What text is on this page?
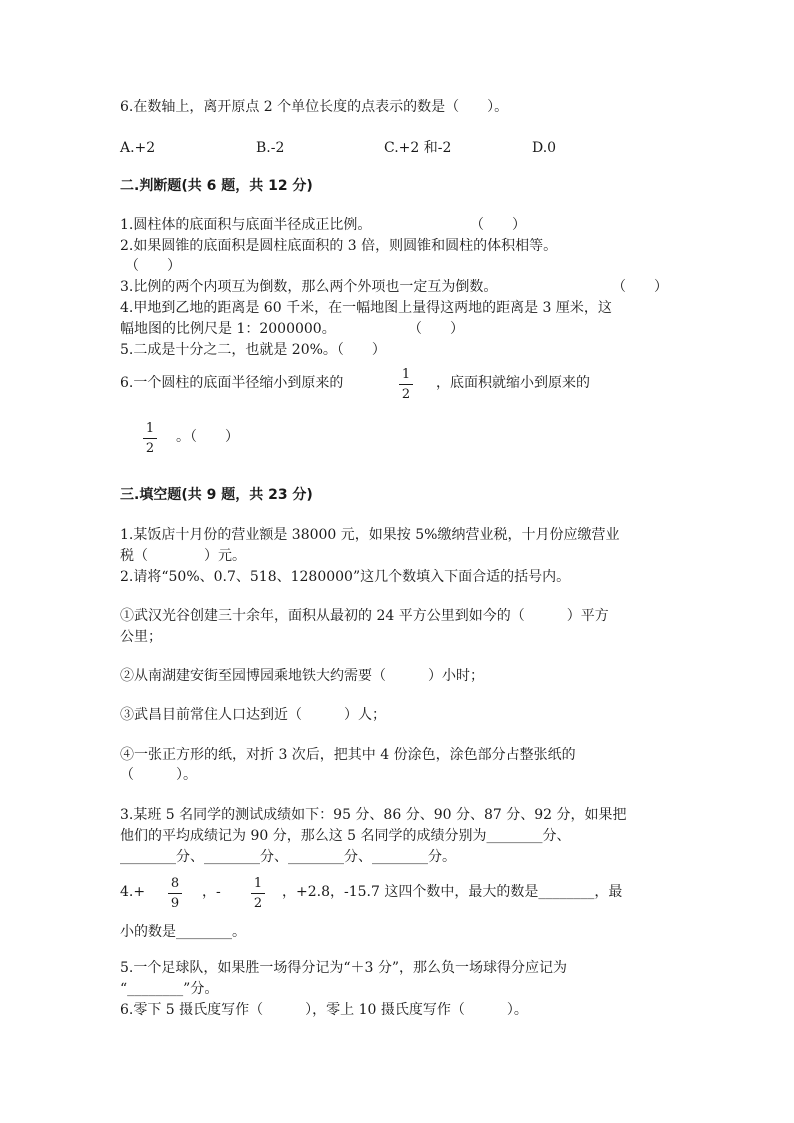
6.在数轴上，离开原点 2 个单位长度的点表示的数是（　　）。
A.+2	B.-2	C.+2 和-2	D.0
二.判断题(共 6 题，共 12 分)
1.圆柱体的底面积与底面半径成正比例。	（　　）
2.如果圆锥的底面积是圆柱底面积的 3 倍，则圆锥和圆柱的体积相等。
（　　）
3.比例的两个内项互为倒数，那么两个外项也一定互为倒数。	（　　）
4.甲地到乙地的距离是 60 千米，在一幅地图上量得这两地的距离是 3 厘米，这
幅地图的比例尺是 1：2000000。	（　　）
5.二成是十分之二，也就是 20%。（　　）
6.一个圆柱的底面半径缩小到原来的
1
2
，底面积就缩小到原来的
1
2
。（　　）
三.填空题(共 9 题，共 23 分)
1.某饭店十月份的营业额是 38000 元，如果按 5%缴纳营业税，十月份应缴营业
税（　　　　）元。
2.请将“50%、0.7、518、1280000”这几个数填入下面合适的括号内。
①武汉光谷创建三十余年，面积从最初的 24 平方公里到如今的（　　　）平方
公里；
②从南湖建安街至园博园乘地铁大约需要（　　　）小时；
③武昌目前常住人口达到近（　　　）人；
④一张正方形的纸，对折 3 次后，把其中 4 份涂色，涂色部分占整张纸的
（　　　）。
3.某班 5 名同学的测试成绩如下：95 分、86 分、90 分、87 分、92 分，如果把
他们的平均成绩记为 90 分，那么这 5 名同学的成绩分别为________分、
________分、________分、________分、________分。
4.+
8
9
，-
1
2
，+2.8，-15.7 这四个数中，最大的数是________，最
小的数是________。
5.一个足球队，如果胜一场得分记为“＋3 分”，那么负一场球得分应记为
“________”分。
6.零下 5 摄氏度写作（　　　），零上 10 摄氏度写作（　　　）。
